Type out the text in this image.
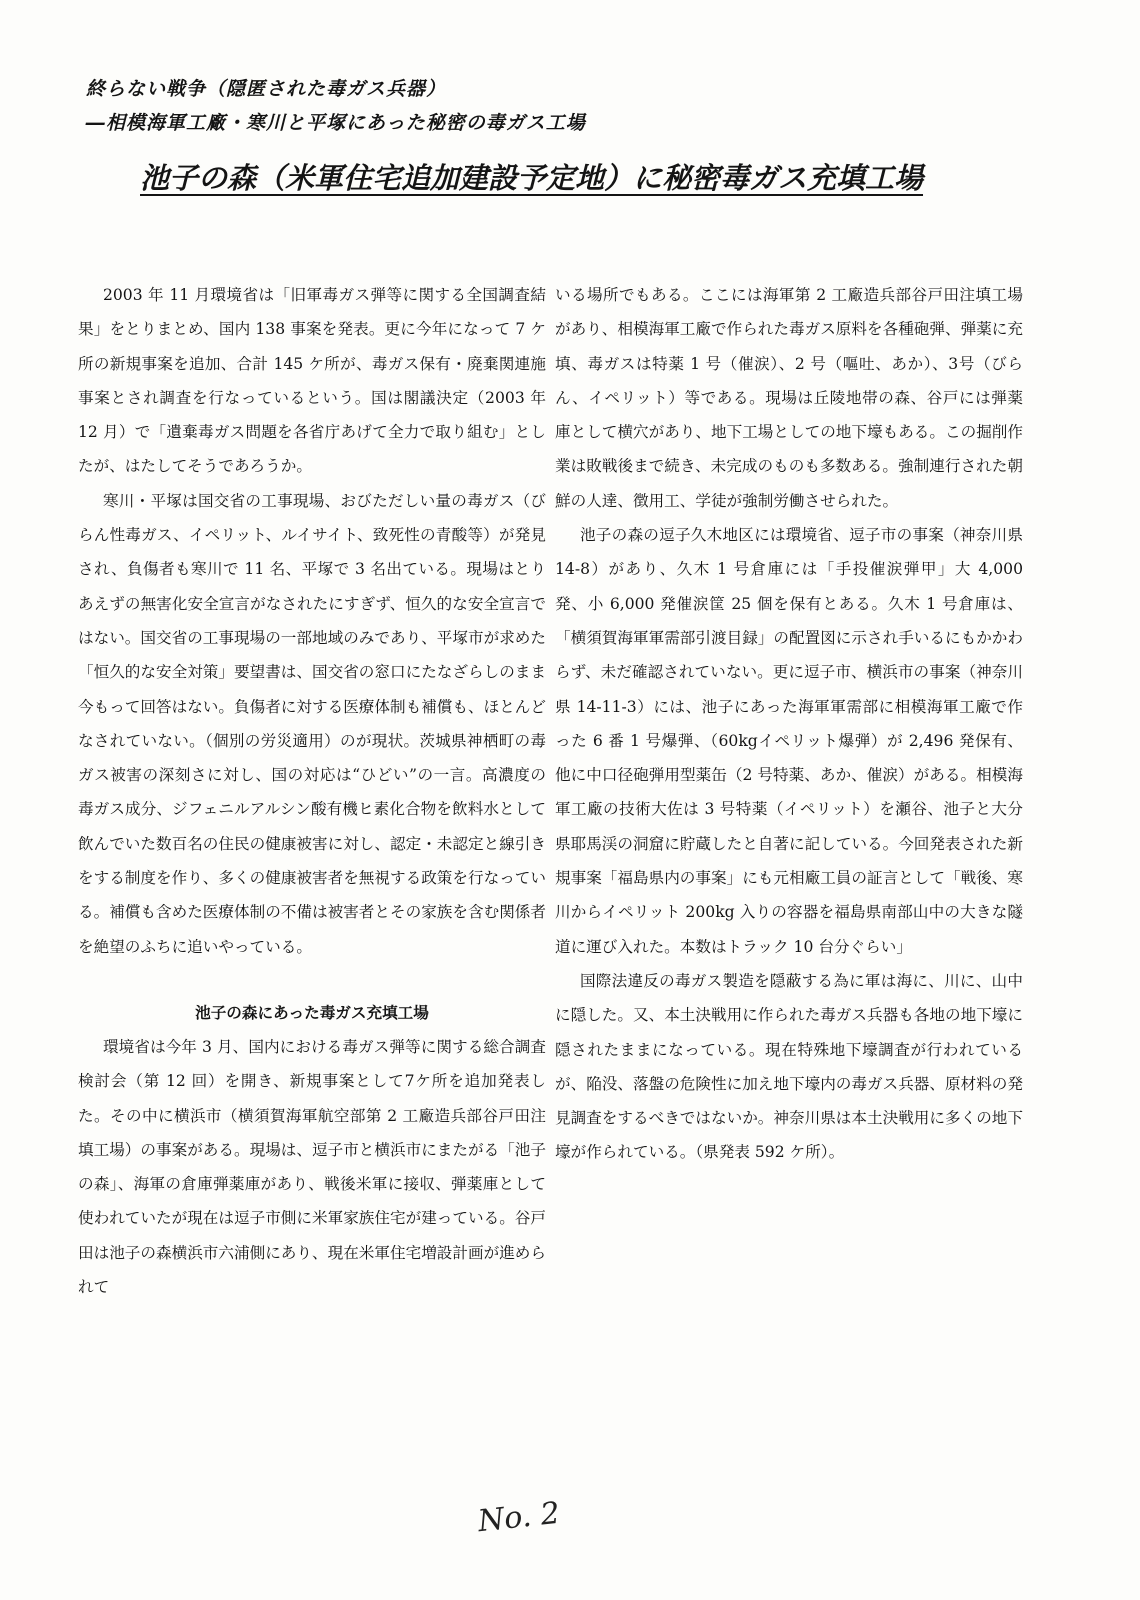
終らない戦争（隠匿された毒ガス兵器）
―相模海軍工廠・寒川と平塚にあった秘密の毒ガス工場
池子の森（米軍住宅追加建設予定地）に秘密毒ガス充填工場

2003 年 11 月環境省は「旧軍毒ガス弾等に関する全国調査結果」をとりまとめ、国内 138 事案を発表。更に今年になって 7 ケ所の新規事案を追加、合計 145 ケ所が、毒ガス保有・廃棄関連施事案とされ調査を行なっているという。国は閣議決定（2003 年 12 月）で「遺棄毒ガス問題を各省庁あげて全力で取り組む」としたが、はたしてそうであろうか。

寒川・平塚は国交省の工事現場、おびただしい量の毒ガス（びらん性毒ガス、イペリット、ルイサイト、致死性の青酸等）が発見され、負傷者も寒川で 11 名、平塚で 3 名出ている。現場はとりあえずの無害化安全宣言がなされたにすぎず、恒久的な安全宣言ではない。国交省の工事現場の一部地域のみであり、平塚市が求めた「恒久的な安全対策」要望書は、国交省の窓口にたなざらしのまま今もって回答はない。負傷者に対する医療体制も補償も、ほとんどなされていない。（個別の労災適用）のが現状。茨城県神栖町の毒ガス被害の深刻さに対し、国の対応は“ひどい”の一言。高濃度の毒ガス成分、ジフェニルアルシン酸有機ヒ素化合物を飲料水として飲んでいた数百名の住民の健康被害に対し、認定・未認定と線引きをする制度を作り、多くの健康被害者を無視する政策を行なっている。補償も含めた医療体制の不備は被害者とその家族を含む関係者を絶望のふちに追いやっている。

池子の森にあった毒ガス充填工場

環境省は今年 3 月、国内における毒ガス弾等に関する総合調査検討会（第 12 回）を開き、新規事案として7ケ所を追加発表した。その中に横浜市（横須賀海軍航空部第 2 工廠造兵部谷戸田注填工場）の事案がある。現場は、逗子市と横浜市にまたがる「池子の森」、海軍の倉庫弾薬庫があり、戦後米軍に接収、弾薬庫として使われていたが現在は逗子市側に米軍家族住宅が建っている。谷戸田は池子の森横浜市六浦側にあり、現在米軍住宅増設計画が進められて

いる場所でもある。ここには海軍第 2 工廠造兵部谷戸田注填工場があり、相模海軍工廠で作られた毒ガス原料を各種砲弾、弾薬に充填、毒ガスは特薬 1 号（催涙）、2 号（嘔吐、あか）、3号（びらん、イペリット）等である。現場は丘陵地帯の森、谷戸には弾薬庫として横穴があり、地下工場としての地下壕もある。この掘削作業は敗戦後まで続き、未完成のものも多数ある。強制連行された朝鮮の人達、徴用工、学徒が強制労働させられた。

池子の森の逗子久木地区には環境省、逗子市の事案（神奈川県 14-8）があり、久木 1 号倉庫には「手投催涙弾甲」大 4,000 発、小 6,000 発催涙筐 25 個を保有とある。久木 1 号倉庫は、「横須賀海軍軍需部引渡目録」の配置図に示され手いるにもかかわらず、未だ確認されていない。更に逗子市、横浜市の事案（神奈川県 14-11-3）には、池子にあった海軍軍需部に相模海軍工廠で作った 6 番 1 号爆弾、（60kgイペリット爆弾）が 2,496 発保有、他に中口径砲弾用型薬缶（2 号特薬、あか、催涙）がある。相模海軍工廠の技術大佐は 3 号特薬（イペリット）を瀬谷、池子と大分県耶馬渓の洞窟に貯蔵したと自著に記している。今回発表された新規事案「福島県内の事案」にも元相廠工員の証言として「戦後、寒川からイペリット 200kg 入りの容器を福島県南部山中の大きな隧道に運び入れた。本数はトラック 10 台分ぐらい」

国際法違反の毒ガス製造を隠蔽する為に軍は海に、川に、山中に隠した。又、本土決戦用に作られた毒ガス兵器も各地の地下壕に隠されたままになっている。現在特殊地下壕調査が行われているが、陥没、落盤の危険性に加え地下壕内の毒ガス兵器、原材料の発見調査をするべきではないか。神奈川県は本土決戦用に多くの地下壕が作られている。（県発表 592 ケ所）。

No. 2
